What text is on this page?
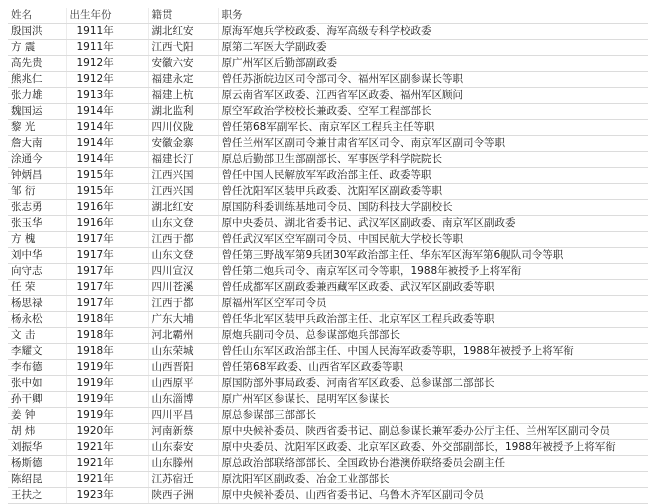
姓名	出生年份	籍贯	职务
殷国洪	1911年	湖北红安	原海军炮兵学校政委、海军高级专科学校政委
方 震	1911年	江西弋阳	原第二军医大学副政委
高先贵	1912年	安徽六安	原广州军区后勤部副政委
熊兆仁	1912年	福建永定	曾任苏浙皖边区司令部司令、福州军区副参谋长等职
张力雄	1913年	福建上杭	原云南省军区政委、江西省军区政委、福州军区顾问
魏国运	1914年	湖北监利	原空军政治学校校长兼政委、空军工程部部长
黎 光	1914年	四川仪陇	曾任第68军副军长、南京军区工程兵主任等职
詹大南	1914年	安徽金寨	曾任兰州军区副司令兼甘肃省军区司令、南京军区副司令等职
涂通今	1914年	福建长汀	原总后勤部卫生部副部长、军事医学科学院院长
钟炳昌	1915年	江西兴国	曾任中国人民解放军军政治部主任、政委等职
邹 衍	1915年	江西兴国	曾任沈阳军区装甲兵政委、沈阳军区副政委等职
张志勇	1916年	湖北红安	原国防科委训练基地司令员、国防科技大学副校长
张玉华	1916年	山东文登	原中央委员、湖北省委书记、武汉军区副政委、南京军区副政委
方 槐	1917年	江西于都	曾任武汉军区空军副司令员、中国民航大学校长等职
刘中华	1917年	山东文登	曾任第三野战军第9兵团30军政治部主任、华东军区海军第6舰队司令等职
向守志	1917年	四川宣汉	曾任第二炮兵司令、南京军区司令等职，1988年被授予上将军衔
任 荣	1917年	四川苍溪	曾任成都军区副政委兼西藏军区政委、武汉军区副政委等职
杨思禄	1917年	江西于都	原福州军区空军司令员
杨永松	1918年	广东大埔	曾任华北军区装甲兵政治部主任、北京军区工程兵政委等职
文 击	1918年	河北霸州	原炮兵副司令员、总参谋部炮兵部部长
李耀文	1918年	山东荣城	曾任山东军区政治部主任、中国人民海军政委等职，1988年被授予上将军衔
李布德	1919年	山西晋阳	曾任第68军政委、山西省军区政委等职
张中如	1919年	山西原平	原国防部外事局政委、河南省军区政委、总参谋部二部部长
孙干卿	1919年	山东淄博	原广州军区参谋长、昆明军区参谋长
姜 钟	1919年	四川平昌	原总参谋部三部部长
胡 炜	1920年	河南新蔡	原中央候补委员、陕西省委书记、副总参谋长兼军委办公厅主任、兰州军区副司令员
刘振华	1921年	山东泰安	原中央委员、沈阳军区政委、北京军区政委、外交部副部长，1988年被授予上将军衔
杨斯德	1921年	山东滕州	原总政治部联络部部长、全国政协台港澳侨联络委员会副主任
陈绍昆	1921年	江苏宿迁	原沈阳军区副政委、冶金工业部部长
王扶之	1923年	陕西子洲	原中央候补委员、山西省委书记、乌鲁木齐军区副司令员
